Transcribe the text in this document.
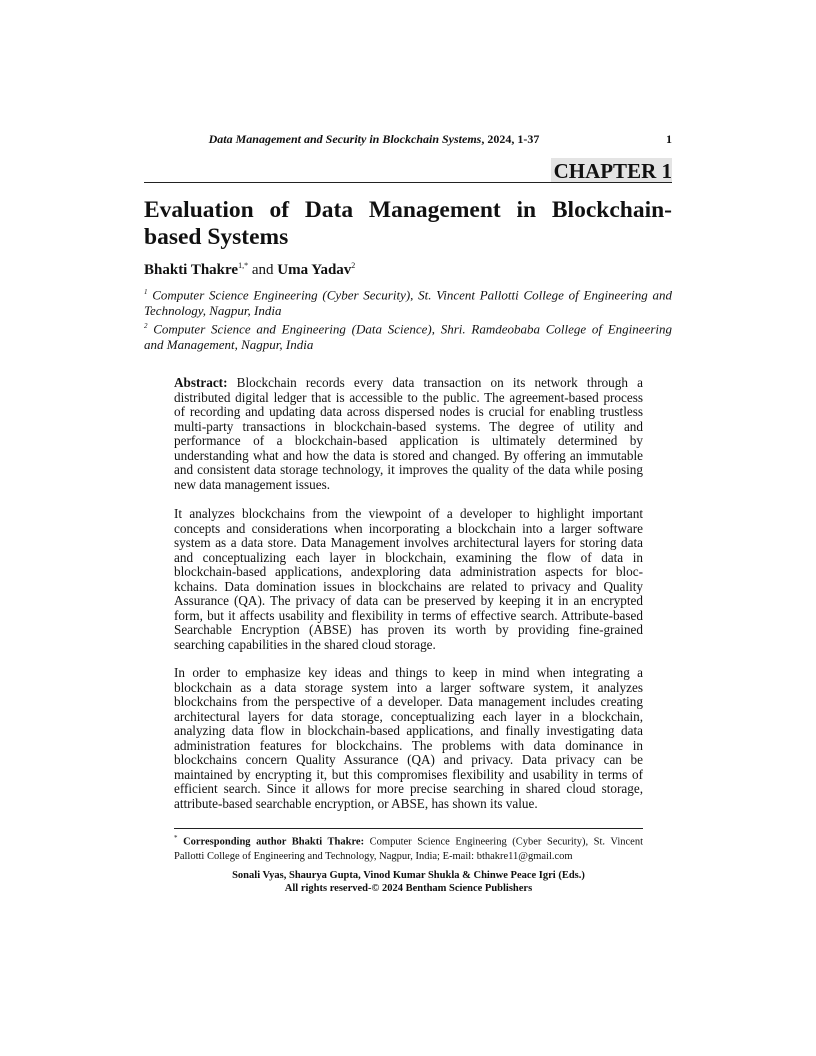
Data Management and Security in Blockchain Systems, 2024, 1-37	1
CHAPTER 1
Evaluation of Data Management in Blockchain-
based Systems
Bhakti Thakre$^{1,*}$ and Uma Yadav$^2$
$^1$ Computer Science Engineering (Cyber Security), St. Vincent Pallotti College of Engineering and
Technology, Nagpur, India
$^2$ Computer Science and Engineering (Data Science), Shri. Ramdeobaba College of Engineering
and Management, Nagpur, India
Abstract: Blockchain records every data transaction on its network through a
distributed digital ledger that is accessible to the public. The agreement-based process
of recording and updating data across dispersed nodes is crucial for enabling trustless
multi-party transactions in blockchain-based systems. The degree of utility and
performance of a blockchain-based application is ultimately determined by
understanding what and how the data is stored and changed. By offering an immutable
and consistent data storage technology, it improves the quality of the data while posing
new data management issues.
It analyzes blockchains from the viewpoint of a developer to highlight important
concepts and considerations when incorporating a blockchain into a larger software
system as a data store. Data Management involves architectural layers for storing data
and conceptualizing each layer in blockchain, examining the flow of data in
blockchain-based applications, andexploring data administration aspects for bloc-
kchains. Data domination issues in blockchains are related to privacy and Quality
Assurance (QA). The privacy of data can be preserved by keeping it in an encrypted
form, but it affects usability and flexibility in terms of effective search. Attribute-based
Searchable Encryption (ABSE) has proven its worth by providing fine-grained
searching capabilities in the shared cloud storage.
In order to emphasize key ideas and things to keep in mind when integrating a
blockchain as a data storage system into a larger software system, it analyzes
blockchains from the perspective of a developer. Data management includes creating
architectural layers for data storage, conceptualizing each layer in a blockchain,
analyzing data flow in blockchain-based applications, and finally investigating data
administration features for blockchains. The problems with data dominance in
blockchains concern Quality Assurance (QA) and privacy. Data privacy can be
maintained by encrypting it, but this compromises flexibility and usability in terms of
efficient search. Since it allows for more precise searching in shared cloud storage,
attribute-based searchable encryption, or ABSE, has shown its value.
* Corresponding author Bhakti Thakre: Computer Science Engineering (Cyber Security), St. Vincent
Pallotti College of Engineering and Technology, Nagpur, India; E-mail: bthakre11@gmail.com
Sonali Vyas, Shaurya Gupta, Vinod Kumar Shukla & Chinwe Peace Igri (Eds.)
All rights reserved-© 2024 Bentham Science Publishers
